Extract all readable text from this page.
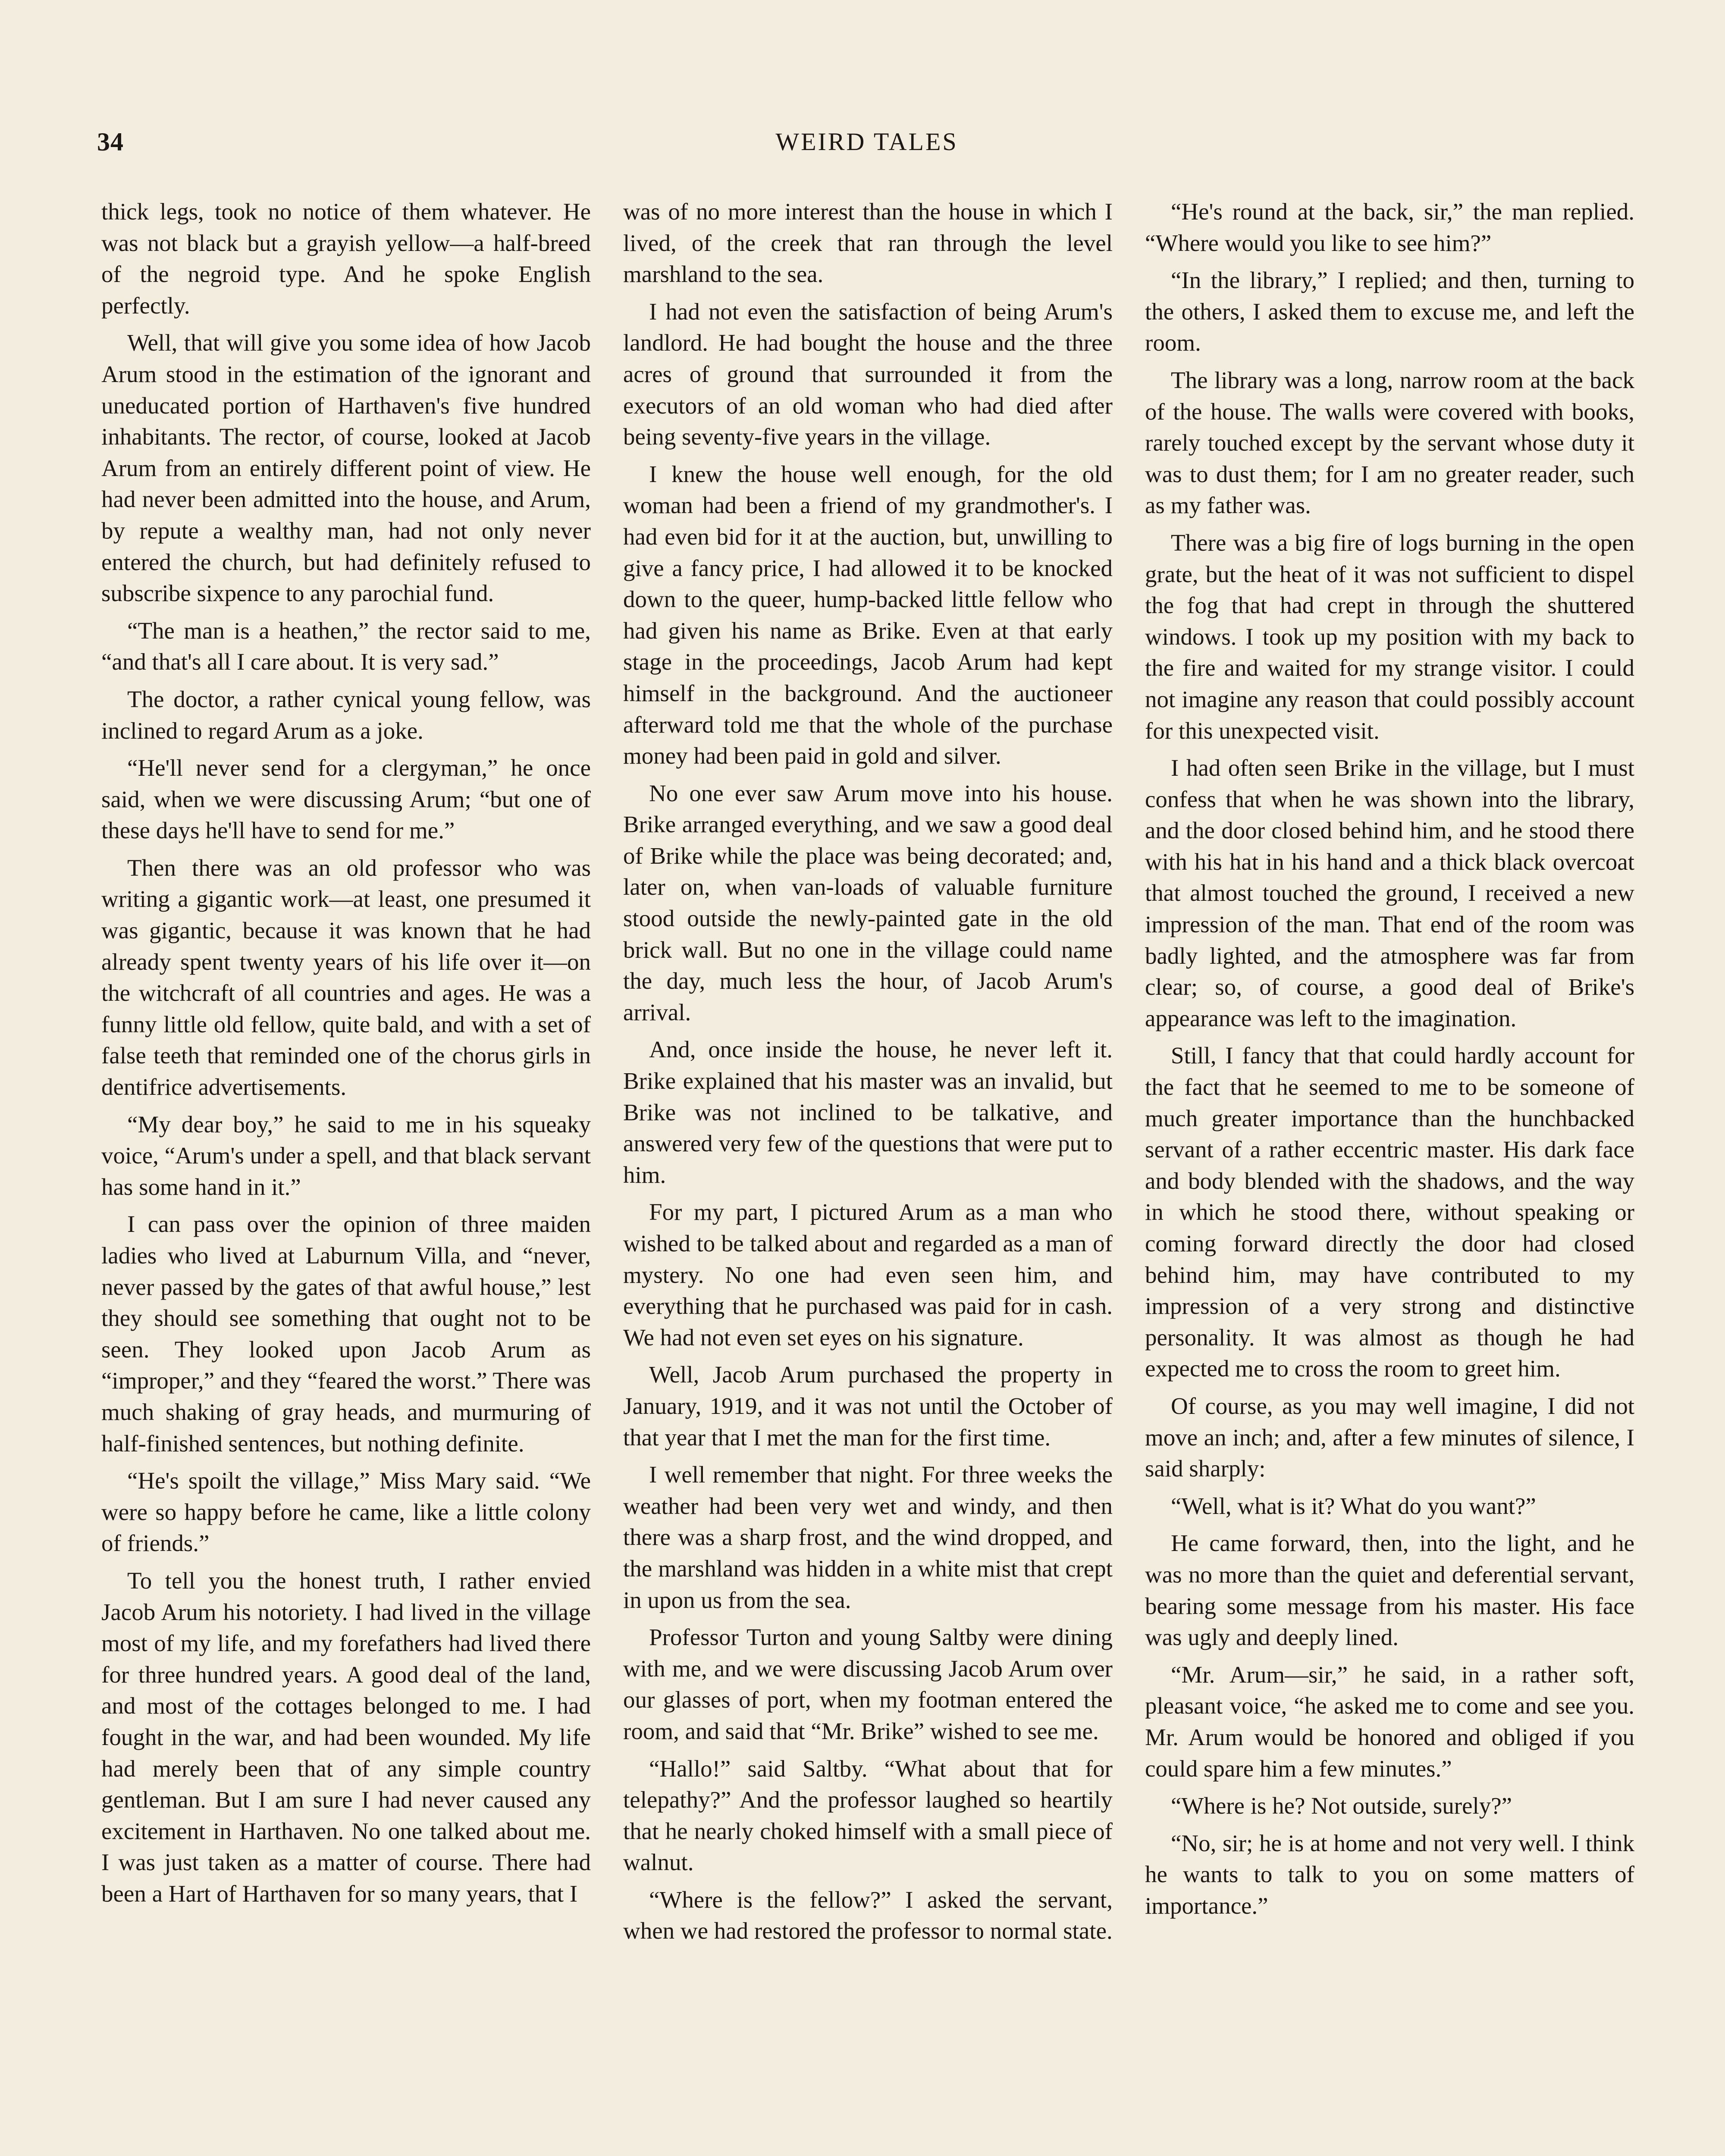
34	WEIRD TALES

thick legs, took no notice of them whatever. He was not black but a grayish yellow—a half-breed of the negroid type. And he spoke English perfectly.

Well, that will give you some idea of how Jacob Arum stood in the estimation of the ignorant and uneducated portion of Harthaven's five hundred inhabitants. The rector, of course, looked at Jacob Arum from an entirely different point of view. He had never been admitted into the house, and Arum, by repute a wealthy man, had not only never entered the church, but had definitely refused to subscribe sixpence to any parochial fund.

“The man is a heathen,” the rector said to me, “and that's all I care about. It is very sad.”

The doctor, a rather cynical young fellow, was inclined to regard Arum as a joke.

“He'll never send for a clergyman,” he once said, when we were discussing Arum; “but one of these days he'll have to send for me.”

Then there was an old professor who was writing a gigantic work—at least, one presumed it was gigantic, because it was known that he had already spent twenty years of his life over it—on the witchcraft of all countries and ages. He was a funny little old fellow, quite bald, and with a set of false teeth that reminded one of the chorus girls in dentifrice advertisements.

“My dear boy,” he said to me in his squeaky voice, “Arum's under a spell, and that black servant has some hand in it.”

I can pass over the opinion of three maiden ladies who lived at Laburnum Villa, and “never, never passed by the gates of that awful house,” lest they should see something that ought not to be seen. They looked upon Jacob Arum as “improper,” and they “feared the worst.” There was much shaking of gray heads, and murmuring of half-finished sentences, but nothing definite.

“He's spoilt the village,” Miss Mary said. “We were so happy before he came, like a little colony of friends.”

To tell you the honest truth, I rather envied Jacob Arum his notoriety. I had lived in the village most of my life, and my forefathers had lived there for three hundred years. A good deal of the land, and most of the cottages belonged to me. I had fought in the war, and had been wounded. My life had merely been that of any simple country gentleman. But I am sure I had never caused any excitement in Harthaven. No one talked about me. I was just taken as a matter of course. There had been a Hart of Harthaven for so many years, that I

was of no more interest than the house in which I lived, of the creek that ran through the level marshland to the sea.

I had not even the satisfaction of being Arum's landlord. He had bought the house and the three acres of ground that surrounded it from the executors of an old woman who had died after being seventy-five years in the village.

I knew the house well enough, for the old woman had been a friend of my grandmother's. I had even bid for it at the auction, but, unwilling to give a fancy price, I had allowed it to be knocked down to the queer, hump-backed little fellow who had given his name as Brike. Even at that early stage in the proceedings, Jacob Arum had kept himself in the background. And the auctioneer afterward told me that the whole of the purchase money had been paid in gold and silver.

No one ever saw Arum move into his house. Brike arranged everything, and we saw a good deal of Brike while the place was being decorated; and, later on, when van-loads of valuable furniture stood outside the newly-painted gate in the old brick wall. But no one in the village could name the day, much less the hour, of Jacob Arum's arrival.

And, once inside the house, he never left it. Brike explained that his master was an invalid, but Brike was not inclined to be talkative, and answered very few of the questions that were put to him.

For my part, I pictured Arum as a man who wished to be talked about and regarded as a man of mystery. No one had even seen him, and everything that he purchased was paid for in cash. We had not even set eyes on his signature.

Well, Jacob Arum purchased the property in January, 1919, and it was not until the October of that year that I met the man for the first time.

I well remember that night. For three weeks the weather had been very wet and windy, and then there was a sharp frost, and the wind dropped, and the marshland was hidden in a white mist that crept in upon us from the sea.

Professor Turton and young Saltby were dining with me, and we were discussing Jacob Arum over our glasses of port, when my footman entered the room, and said that “Mr. Brike” wished to see me.

“Hallo!” said Saltby. “What about that for telepathy?” And the professor laughed so heartily that he nearly choked himself with a small piece of walnut.

“Where is the fellow?” I asked the servant, when we had restored the professor to normal state.

“He's round at the back, sir,” the man replied. “Where would you like to see him?”

“In the library,” I replied; and then, turning to the others, I asked them to excuse me, and left the room.

The library was a long, narrow room at the back of the house. The walls were covered with books, rarely touched except by the servant whose duty it was to dust them; for I am no greater reader, such as my father was.

There was a big fire of logs burning in the open grate, but the heat of it was not sufficient to dispel the fog that had crept in through the shuttered windows. I took up my position with my back to the fire and waited for my strange visitor. I could not imagine any reason that could possibly account for this unexpected visit.

I had often seen Brike in the village, but I must confess that when he was shown into the library, and the door closed behind him, and he stood there with his hat in his hand and a thick black overcoat that almost touched the ground, I received a new impression of the man. That end of the room was badly lighted, and the atmosphere was far from clear; so, of course, a good deal of Brike's appearance was left to the imagination.

Still, I fancy that that could hardly account for the fact that he seemed to me to be someone of much greater importance than the hunchbacked servant of a rather eccentric master. His dark face and body blended with the shadows, and the way in which he stood there, without speaking or coming forward directly the door had closed behind him, may have contributed to my impression of a very strong and distinctive personality. It was almost as though he had expected me to cross the room to greet him.

Of course, as you may well imagine, I did not move an inch; and, after a few minutes of silence, I said sharply:

“Well, what is it? What do you want?”

He came forward, then, into the light, and he was no more than the quiet and deferential servant, bearing some message from his master. His face was ugly and deeply lined.

“Mr. Arum—sir,” he said, in a rather soft, pleasant voice, “he asked me to come and see you. Mr. Arum would be honored and obliged if you could spare him a few minutes.”

“Where is he? Not outside, surely?”

“No, sir; he is at home and not very well. I think he wants to talk to you on some matters of importance.”
